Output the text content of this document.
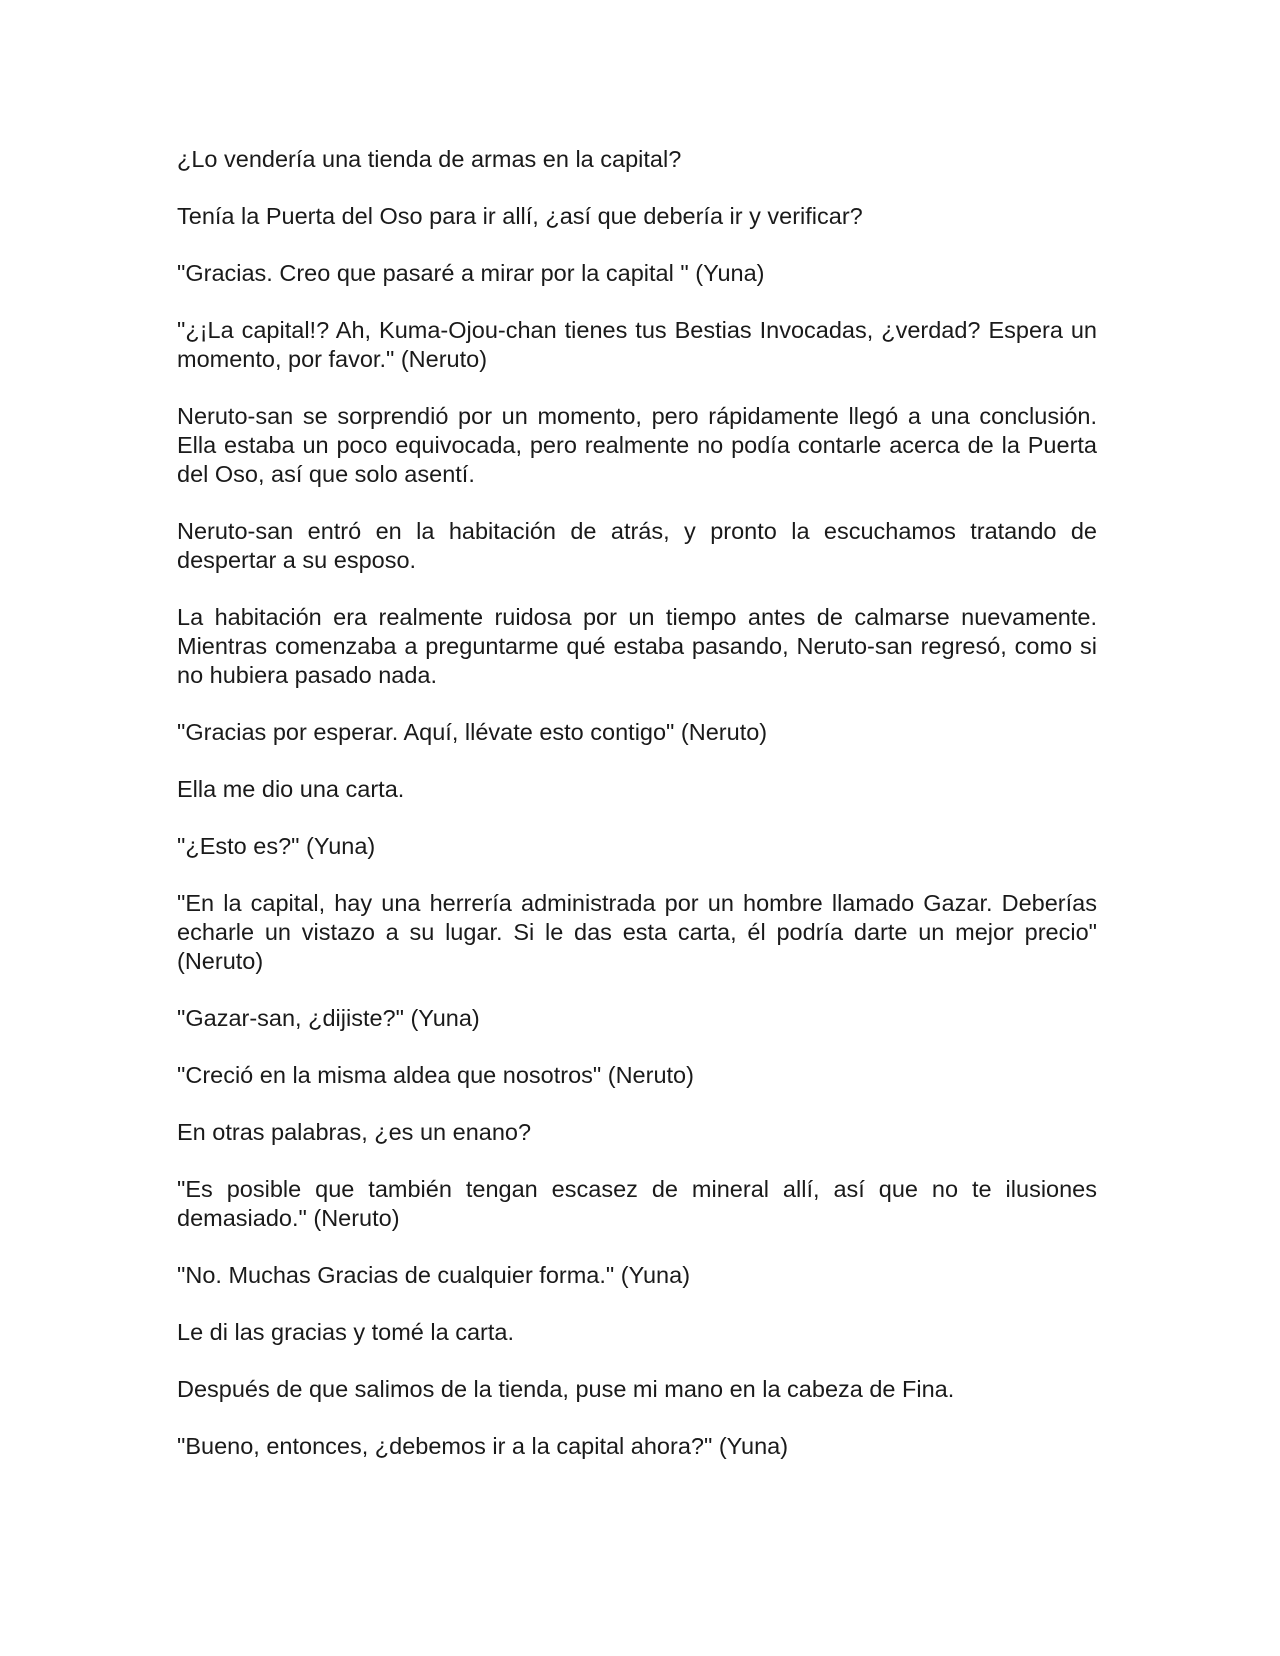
¿Lo vendería una tienda de armas en la capital?

Tenía la Puerta del Oso para ir allí, ¿así que debería ir y verificar?

"Gracias. Creo que pasaré a mirar por la capital " (Yuna)

"¿¡La capital!? Ah, Kuma-Ojou-chan tienes tus Bestias Invocadas, ¿verdad? Espera un momento, por favor." (Neruto)

Neruto-san se sorprendió por un momento, pero rápidamente llegó a una conclusión. Ella estaba un poco equivocada, pero realmente no podía contarle acerca de la Puerta del Oso, así que solo asentí.

Neruto-san entró en la habitación de atrás, y pronto la escuchamos tratando de despertar a su esposo.

La habitación era realmente ruidosa por un tiempo antes de calmarse nuevamente. Mientras comenzaba a preguntarme qué estaba pasando, Neruto-san regresó, como si no hubiera pasado nada.

"Gracias por esperar. Aquí, llévate esto contigo" (Neruto)

Ella me dio una carta.

"¿Esto es?" (Yuna)

"En la capital, hay una herrería administrada por un hombre llamado Gazar. Deberías echarle un vistazo a su lugar. Si le das esta carta, él podría darte un mejor precio" (Neruto)

"Gazar-san, ¿dijiste?" (Yuna)

"Creció en la misma aldea que nosotros" (Neruto)

En otras palabras, ¿es un enano?

"Es posible que también tengan escasez de mineral allí, así que no te ilusiones demasiado." (Neruto)

"No. Muchas Gracias de cualquier forma." (Yuna)

Le di las gracias y tomé la carta.

Después de que salimos de la tienda, puse mi mano en la cabeza de Fina.

"Bueno, entonces, ¿debemos ir a la capital ahora?" (Yuna)
